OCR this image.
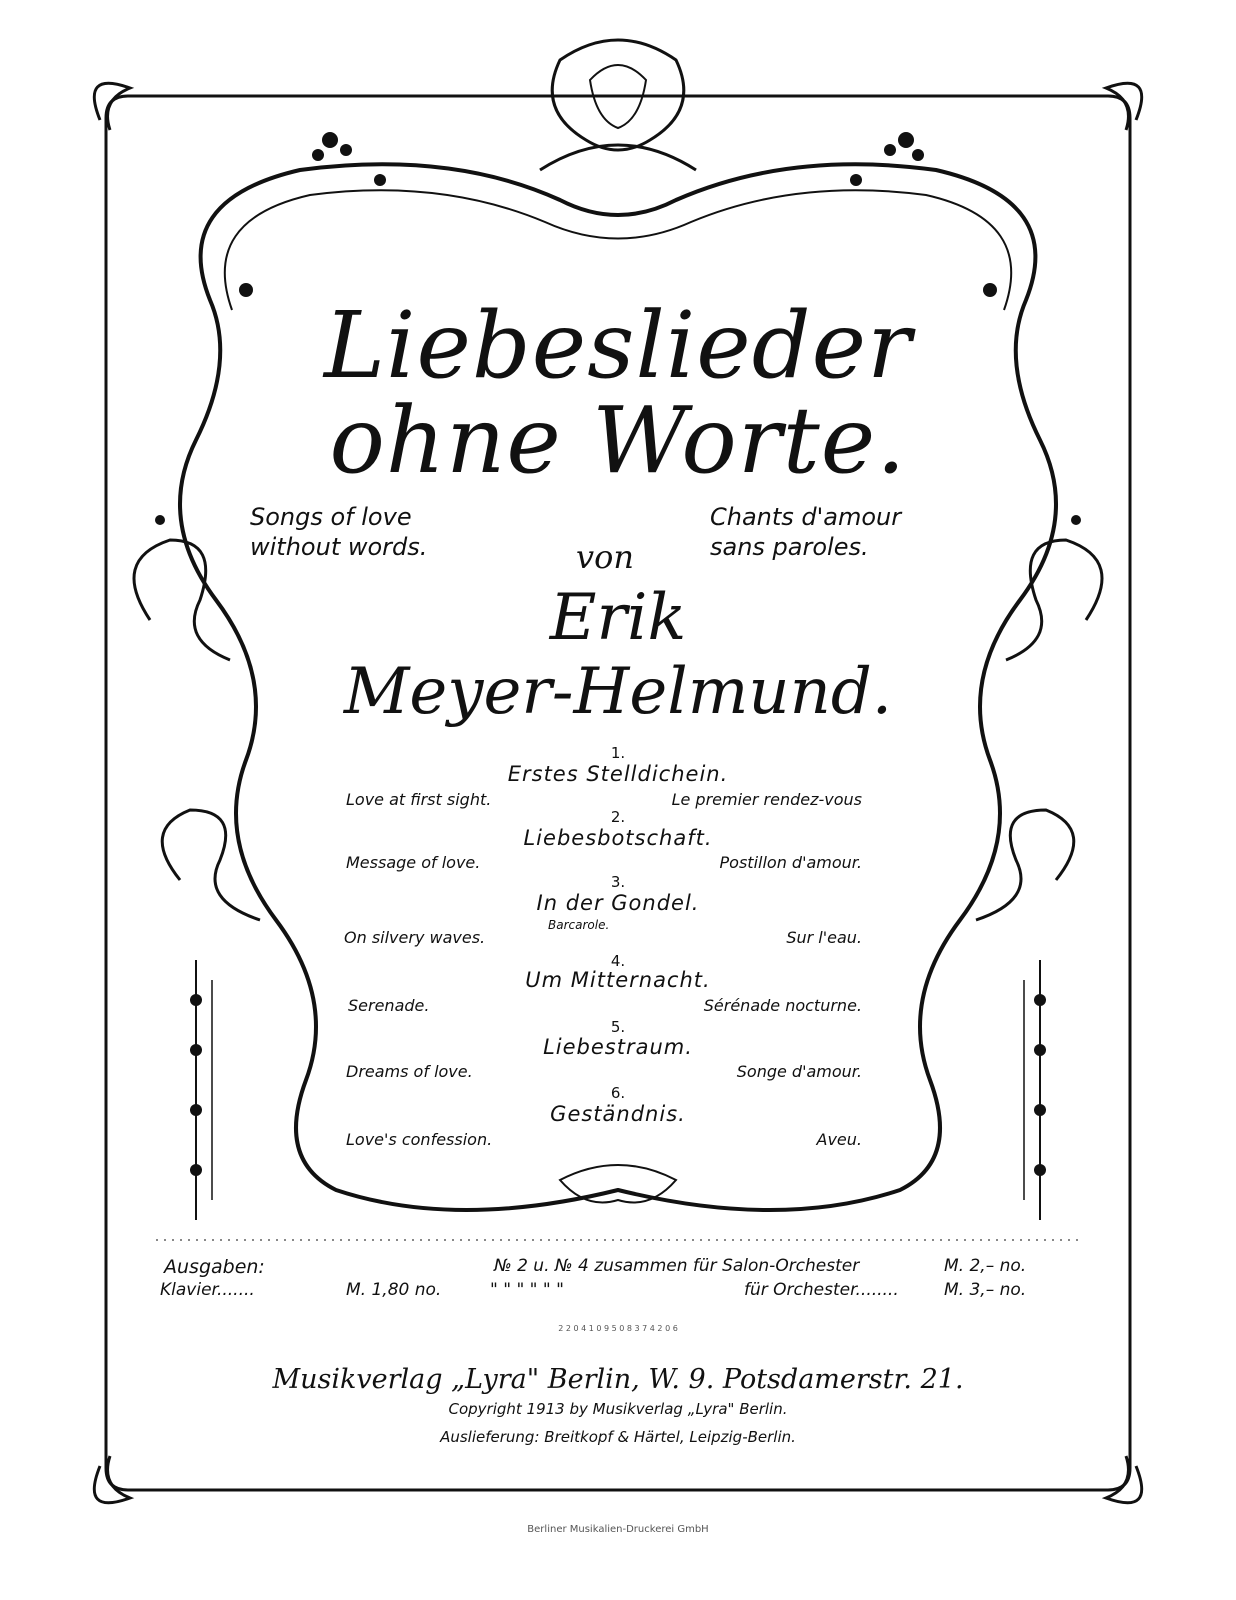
Liebeslieder
ohne Worte.
Songs of love
without words.
Chants d'amour
sans paroles.
von
Erik
Meyer-Helmund.
1.
Erstes Stelldichein.
Love at first sight.	Le premier rendez-vous
2.
Liebesbotschaft.
Message of love.	Postillon d'amour.
3.
In der Gondel.
Barcarole.
On silvery waves.	Sur l'eau.
4.
Um Mitternacht.
Serenade.	Sérénade nocturne.
5.
Liebestraum.
Dreams of love.	Songe d'amour.
6.
Geständnis.
Love's confession.	Aveu.
Ausgaben:
Klavier.......	M. 1,80 no.
№ 2 u. № 4 zusammen für Salon-Orchester	M. 2,– no.
" " " " " "	für Orchester........	M. 3,– no.
2 2 0 4 1 0 9 5 0 8 3 7 4 2 0 6
Musikverlag „Lyra" Berlin, W. 9. Potsdamerstr. 21.
Copyright 1913 by Musikverlag „Lyra" Berlin.
Auslieferung: Breitkopf & Härtel, Leipzig-Berlin.
Berliner Musikalien-Druckerei GmbH
